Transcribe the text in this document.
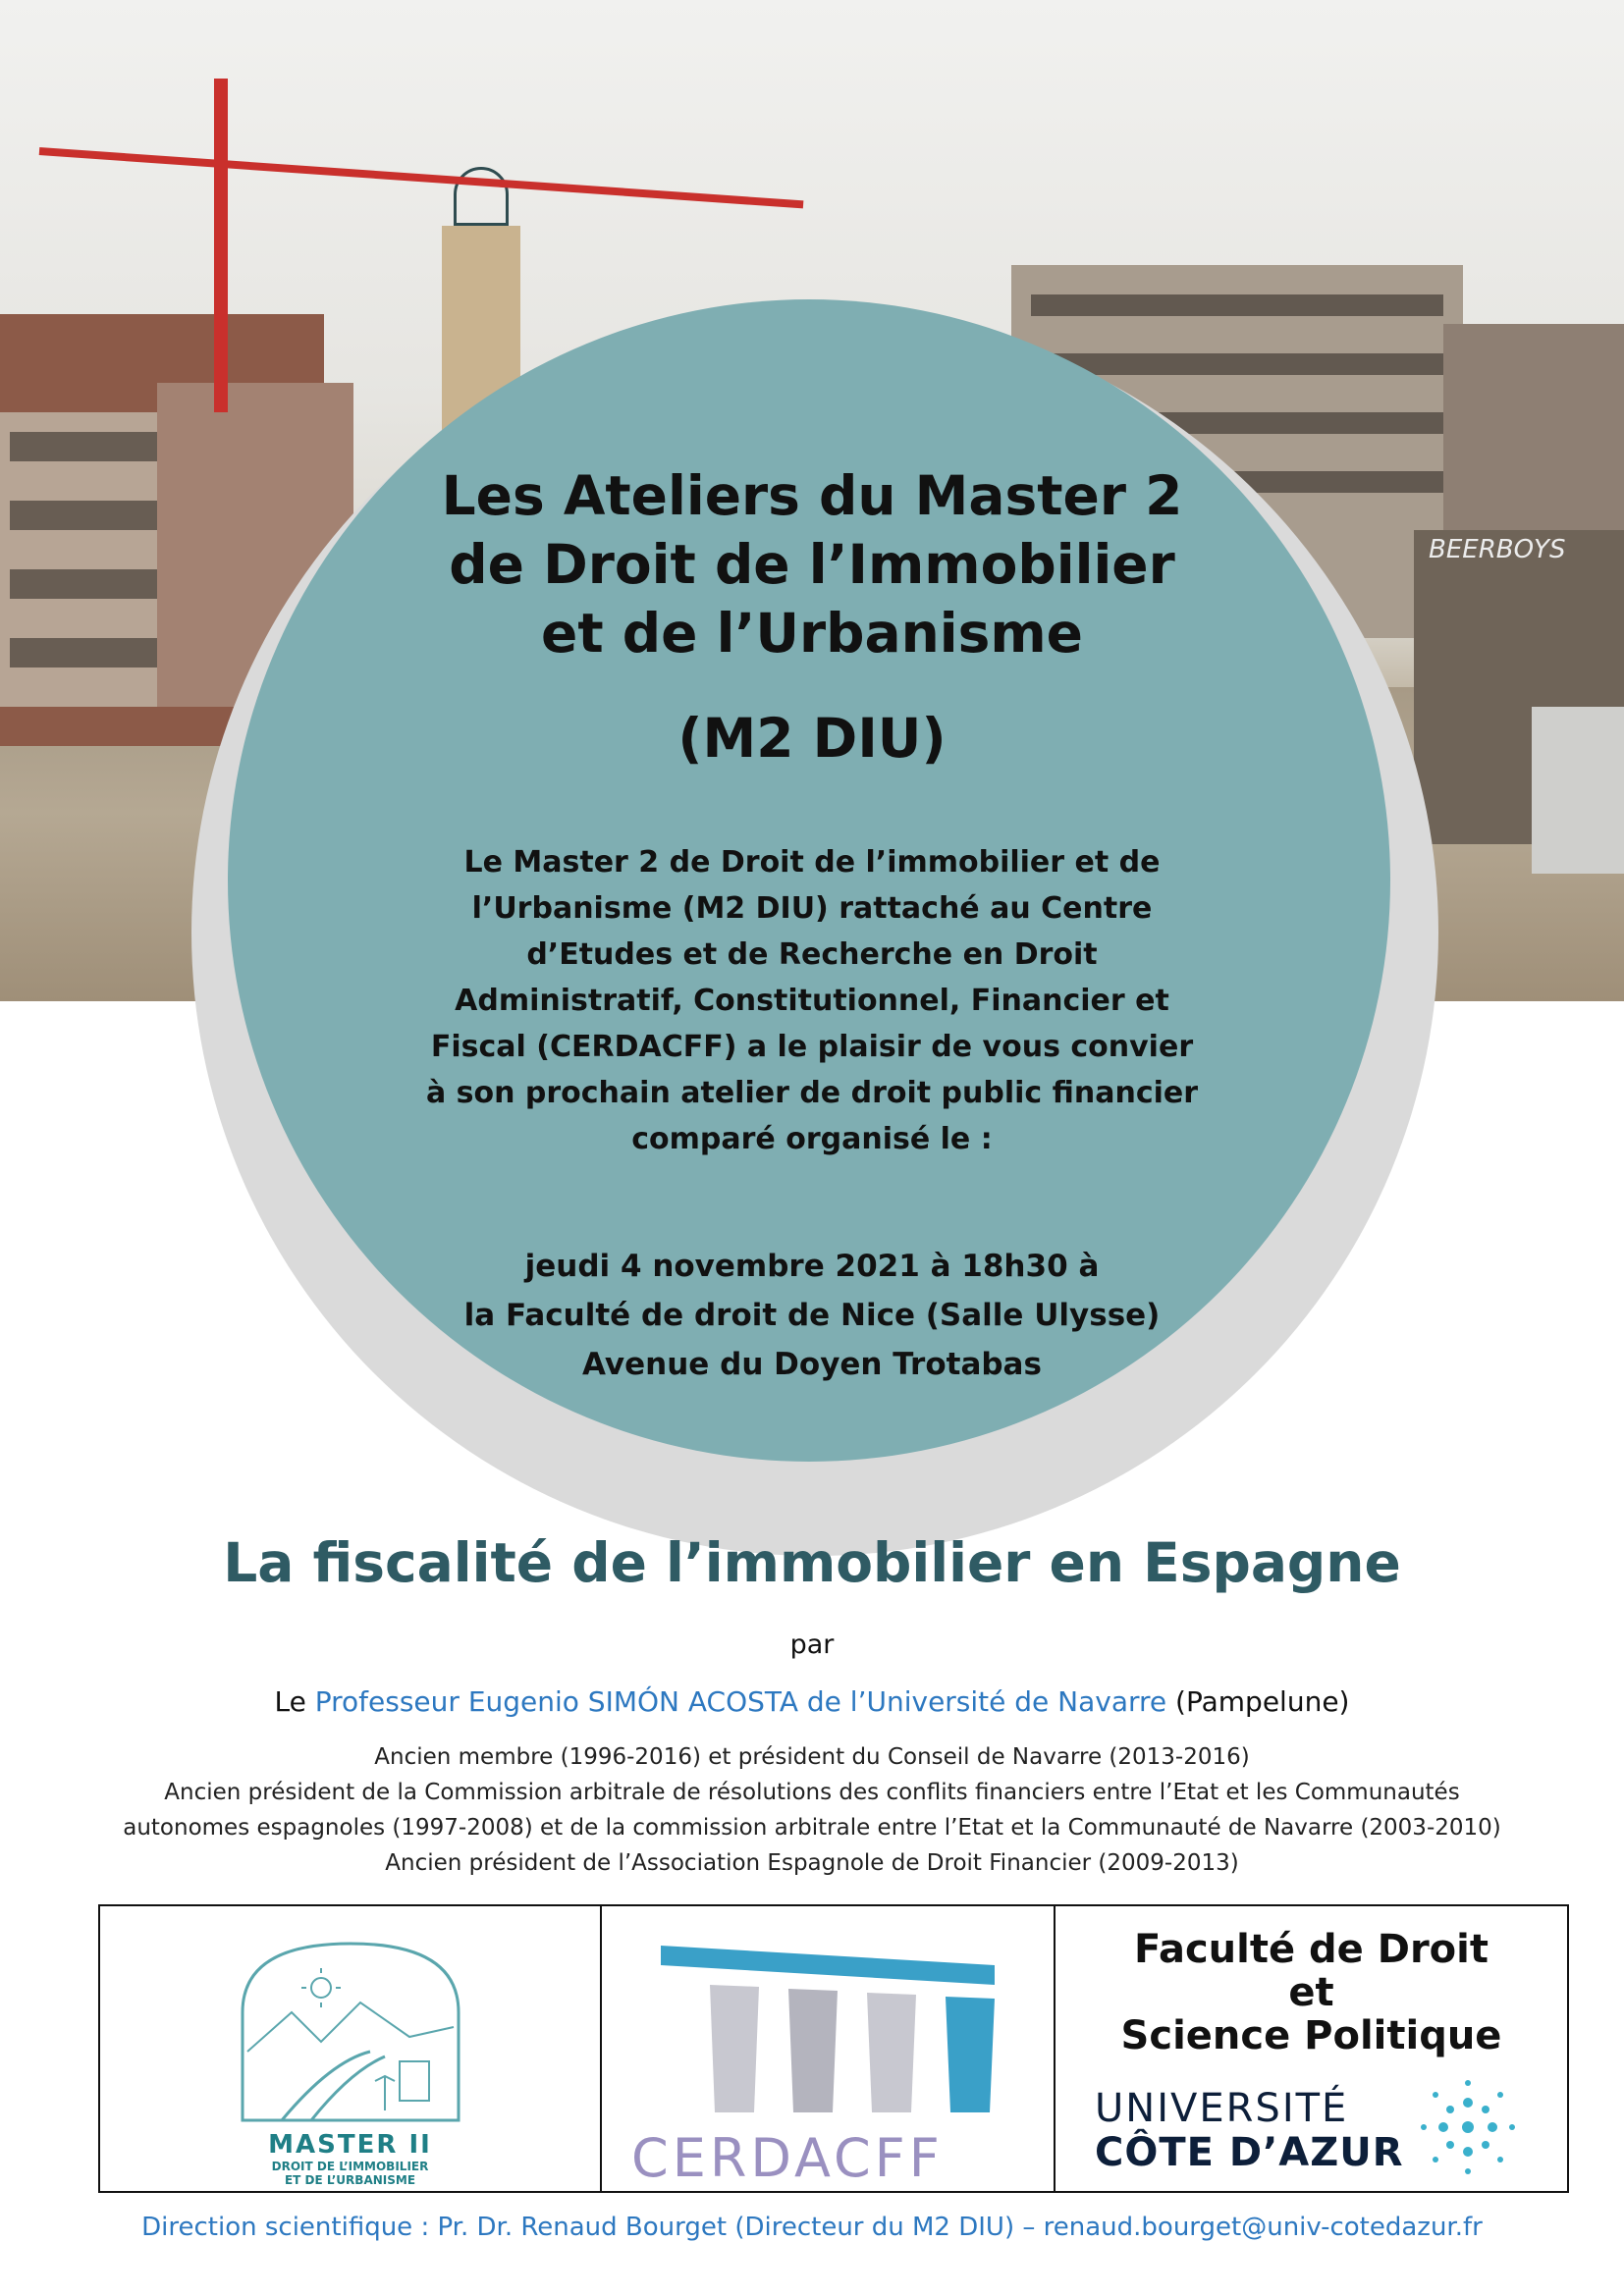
BEERBOYS
Les Ateliers du Master 2
de Droit de l’Immobilier
et de l’Urbanisme
(M2 DIU)
Le Master 2 de Droit de l’immobilier et de
l’Urbanisme (M2 DIU) rattaché au Centre
d’Etudes et de Recherche en Droit
Administratif, Constitutionnel, Financier et
Fiscal (CERDACFF) a le plaisir de vous convier
à son prochain atelier de droit public financier
comparé organisé le :
jeudi 4 novembre 2021 à 18h30 à
la Faculté de droit de Nice (Salle Ulysse)
Avenue du Doyen Trotabas
La fiscalité de l’immobilier en Espagne
par
Le Professeur Eugenio SIMÓN ACOSTA de l’Université de Navarre (Pampelune)
Ancien membre (1996-2016) et président du Conseil de Navarre (2013-2016)
Ancien président de la Commission arbitrale de résolutions des conflits financiers entre l’Etat et les Communautés
autonomes espagnoles (1997-2008) et de la commission arbitrale entre l’Etat et la Communauté de Navarre (2003-2010)
Ancien président de l’Association Espagnole de Droit Financier (2009-2013)
MASTER II
DROIT DE L’IMMOBILIER
ET DE L’URBANISME	CERDACFF
Faculté de Droit
et
Science Politique
UNIVERSITÉ
CÔTE D’AZUR
Direction scientifique : Pr. Dr. Renaud Bourget (Directeur du M2 DIU) – renaud.bourget@univ-cotedazur.fr
